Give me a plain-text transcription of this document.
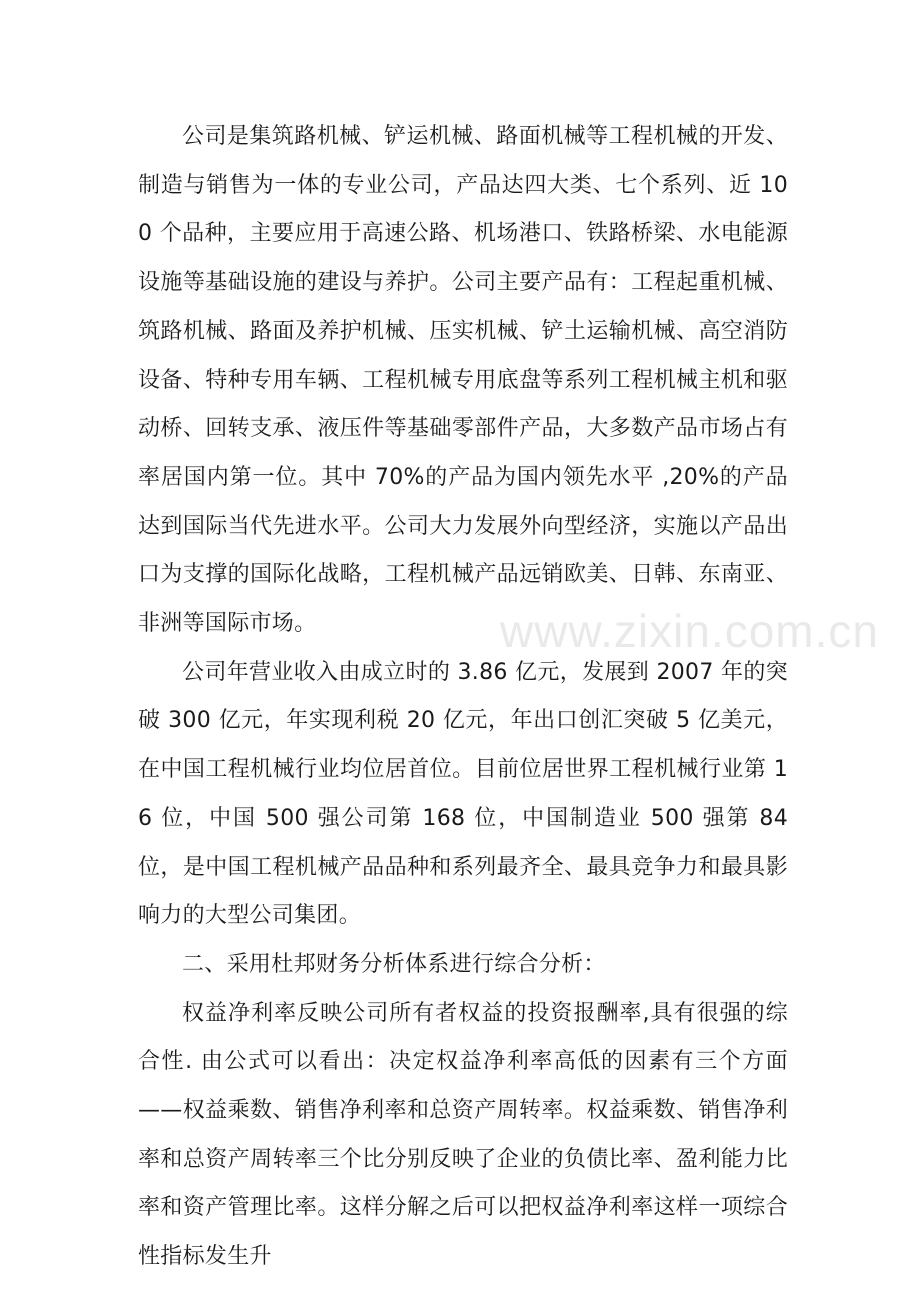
公司是集筑路机械、铲运机械、路面机械等工程机械的开发、制造与销售为一体的专业公司，产品达四大类、七个系列、近 100 个品种，主要应用于高速公路、机场港口、铁路桥梁、水电能源设施等基础设施的建设与养护。公司主要产品有：工程起重机械、筑路机械、路面及养护机械、压实机械、铲土运输机械、高空消防设备、特种专用车辆、工程机械专用底盘等系列工程机械主机和驱动桥、回转支承、液压件等基础零部件产品，大多数产品市场占有率居国内第一位。其中 70%的产品为国内领先水平 ,20%的产品达到国际当代先进水平。公司大力发展外向型经济，实施以产品出口为支撑的国际化战略，工程机械产品远销欧美、日韩、东南亚、非洲等国际市场。

公司年营业收入由成立时的 3.86 亿元，发展到 2007 年的突破 300 亿元，年实现利税 20 亿元，年出口创汇突破 5 亿美元，在中国工程机械行业均位居首位。目前位居世界工程机械行业第 16 位，中国 500 强公司第 168 位，中国制造业 500 强第 84 位，是中国工程机械产品品种和系列最齐全、最具竞争力和最具影响力的大型公司集团。

二、采用杜邦财务分析体系进行综合分析：

权益净利率反映公司所有者权益的投资报酬率,具有很强的综合性. 由公式可以看出：决定权益净利率高低的因素有三个方面——权益乘数、销售净利率和总资产周转率。权益乘数、销售净利率和总资产周转率三个比分别反映了企业的负债比率、盈利能力比率和资产管理比率。这样分解之后可以把权益净利率这样一项综合性指标发生升

www.zixin.com.cn
